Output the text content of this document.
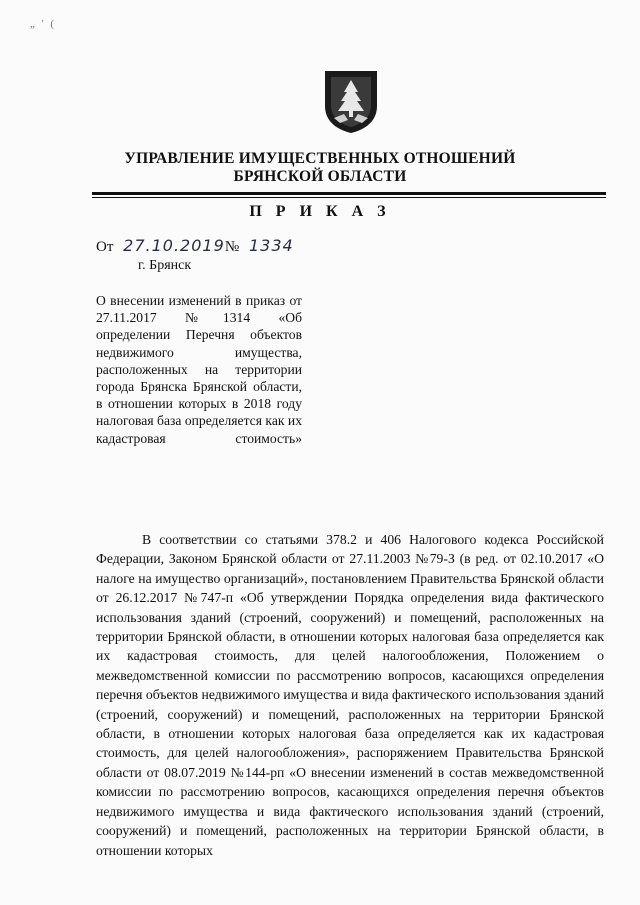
„ ' (
УПРАВЛЕНИЕ ИМУЩЕСТВЕННЫХ ОТНОШЕНИЙ
БРЯНСКОЙ ОБЛАСТИ
П Р И К А З
От 27.10.2019 № 1334
г. Брянск
О внесении изменений в приказ от 27.11.2017 №1314 «Об определении Перечня объектов недвижимого имущества, расположенных на территории города Брянска Брянской области, в отношении которых в 2018 году налоговая база определяется как их кадастровая стоимость»
В соответствии со статьями 378.2 и 406 Налогового кодекса Российской Федерации, Законом Брянской области от 27.11.2003 №79-З (в ред. от 02.10.2017 «О налоге на имущество организаций», постановлением Правительства Брянской области от 26.12.2017 №747-п «Об утверждении Порядка определения вида фактического использования зданий (строений, сооружений) и помещений, расположенных на территории Брянской области, в отношении которых налоговая база определяется как их кадастровая стоимость, для целей налогообложения, Положением о межведомственной комиссии по рассмотрению вопросов, касающихся определения перечня объектов недвижимого имущества и вида фактического использования зданий (строений, сооружений) и помещений, расположенных на территории Брянской области, в отношении которых налоговая база определяется как их кадастровая стоимость, для целей налогообложения», распоряжением Правительства Брянской области от 08.07.2019 №144-рп «О внесении изменений в состав межведомственной комиссии по рассмотрению вопросов, касающихся определения перечня объектов недвижимого имущества и вида фактического использования зданий (строений, сооружений) и помещений, расположенных на территории Брянской области, в отношении которых
